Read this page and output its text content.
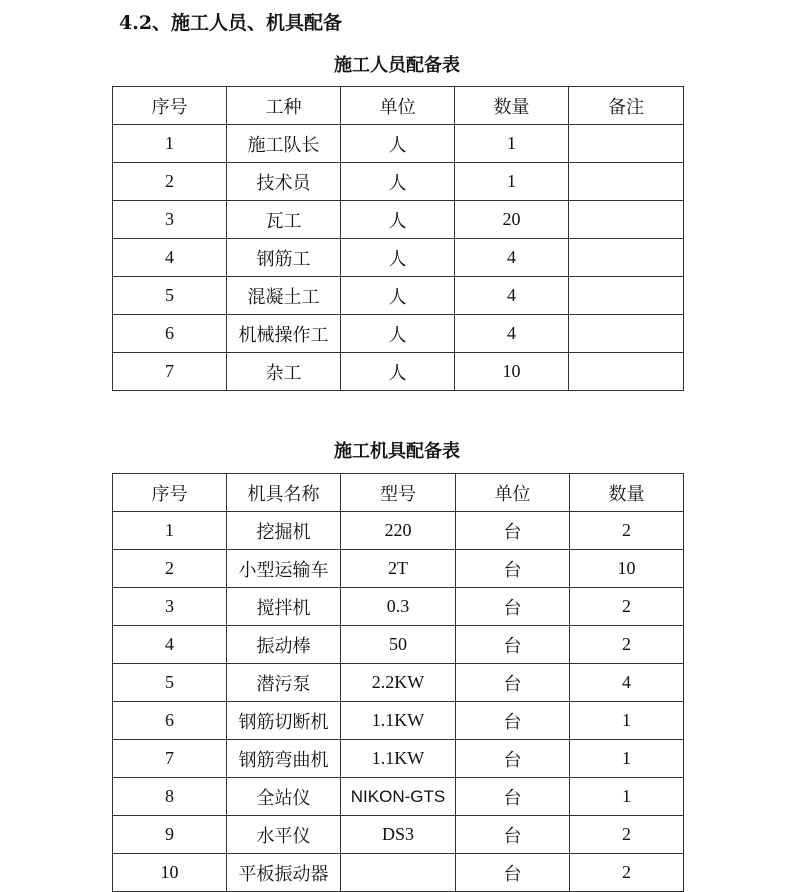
4.2、施工人员、机具配备
施工人员配备表
序号	工种	单位	数量	备注
1	施工队长	人	1	
2	技术员	人	1	
3	瓦工	人	20	
4	钢筋工	人	4	
5	混凝土工	人	4	
6	机械操作工	人	4	
7	杂工	人	10	
施工机具配备表
序号	机具名称	型号	单位	数量
1	挖掘机	220	台	2
2	小型运输车	2T	台	10
3	搅拌机	0.3	台	2
4	振动棒	50	台	2
5	潜污泵	2.2KW	台	4
6	钢筋切断机	1.1KW	台	1
7	钢筋弯曲机	1.1KW	台	1
8	全站仪	NIKON-GTS	台	1
9	水平仪	DS3	台	2
10	平板振动器		台	2
